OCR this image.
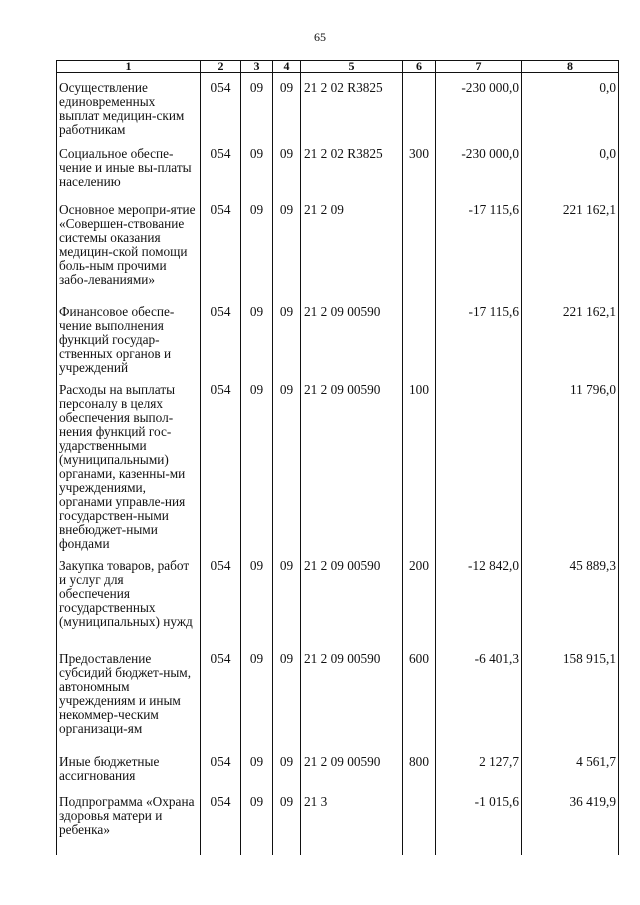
65
1	2	3	4	5	6	7	8
Осуществление единовременных выплат медицин-ским работникам	054	09	09	21 2 02 R3825		-230 000,0	0,0
Социальное обеспе-чение и иные вы-платы населению	054	09	09	21 2 02 R3825	300	-230 000,0	0,0
Основное меропри-ятие «Совершен-ствование системы оказания медицин-ской помощи боль-ным прочими забо-леваниями»	054	09	09	21 2 09		-17 115,6	221 162,1
Финансовое обеспе-чение выполнения функций государ-ственных органов и учреждений	054	09	09	21 2 09 00590		-17 115,6	221 162,1
Расходы на выплаты персоналу в целях обеспечения выпол-нения функций гос-ударственными (муниципальными) органами, казенны-ми учреждениями, органами управле-ния государствен-ными внебюджет-ными фондами	054	09	09	21 2 09 00590	100		11 796,0
Закупка товаров, работ и услуг для обеспечения государственных (муниципальных) нужд	054	09	09	21 2 09 00590	200	-12 842,0	45 889,3
Предоставление субсидий бюджет-ным, автономным учреждениям и иным некоммер-ческим организаци-ям	054	09	09	21 2 09 00590	600	-6 401,3	158 915,1
Иные бюджетные ассигнования	054	09	09	21 2 09 00590	800	2 127,7	4 561,7
Подпрограмма «Охрана здоровья матери и ребенка»	054	09	09	21 3		-1 015,6	36 419,9
